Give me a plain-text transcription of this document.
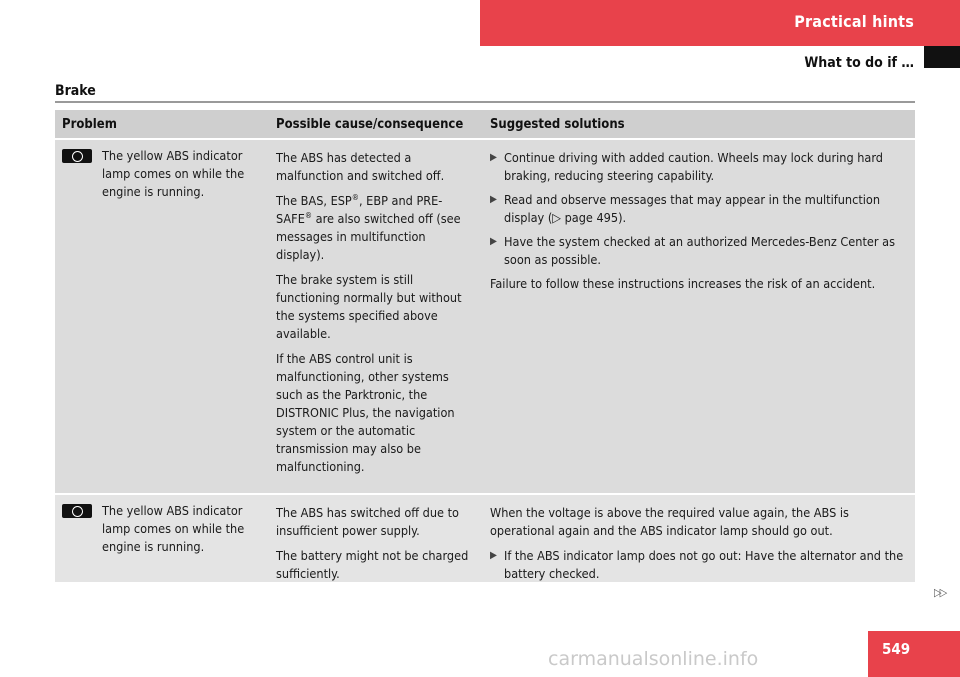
Practical hints
What to do if …
Brake
Problem	Possible cause/consequence	Suggested solutions
The yellow ABS indicator lamp comes on while the engine is running.
The ABS has detected a malfunction and switched off.
The BAS, ESP®, EBP and PRE-SAFE® are also switched off (see messages in multifunction display).
The brake system is still functioning normally but without the systems specified above available.
If the ABS control unit is malfunctioning, other systems such as the Parktronic, the DISTRONIC Plus, the navigation system or the automatic transmission may also be malfunctioning.
▶ Continue driving with added caution. Wheels may lock during hard braking, reducing steering capability.
▶ Read and observe messages that may appear in the multifunction display (▷ page 495).
▶ Have the system checked at an authorized Mercedes-Benz Center as soon as possible.
Failure to follow these instructions increases the risk of an accident.
The yellow ABS indicator lamp comes on while the engine is running.
The ABS has switched off due to insufficient power supply.
The battery might not be charged sufficiently.
When the voltage is above the required value again, the ABS is operational again and the ABS indicator lamp should go out.
▶ If the ABS indicator lamp does not go out: Have the alternator and the battery checked.
▷▷
549
carmanualsonline.info
